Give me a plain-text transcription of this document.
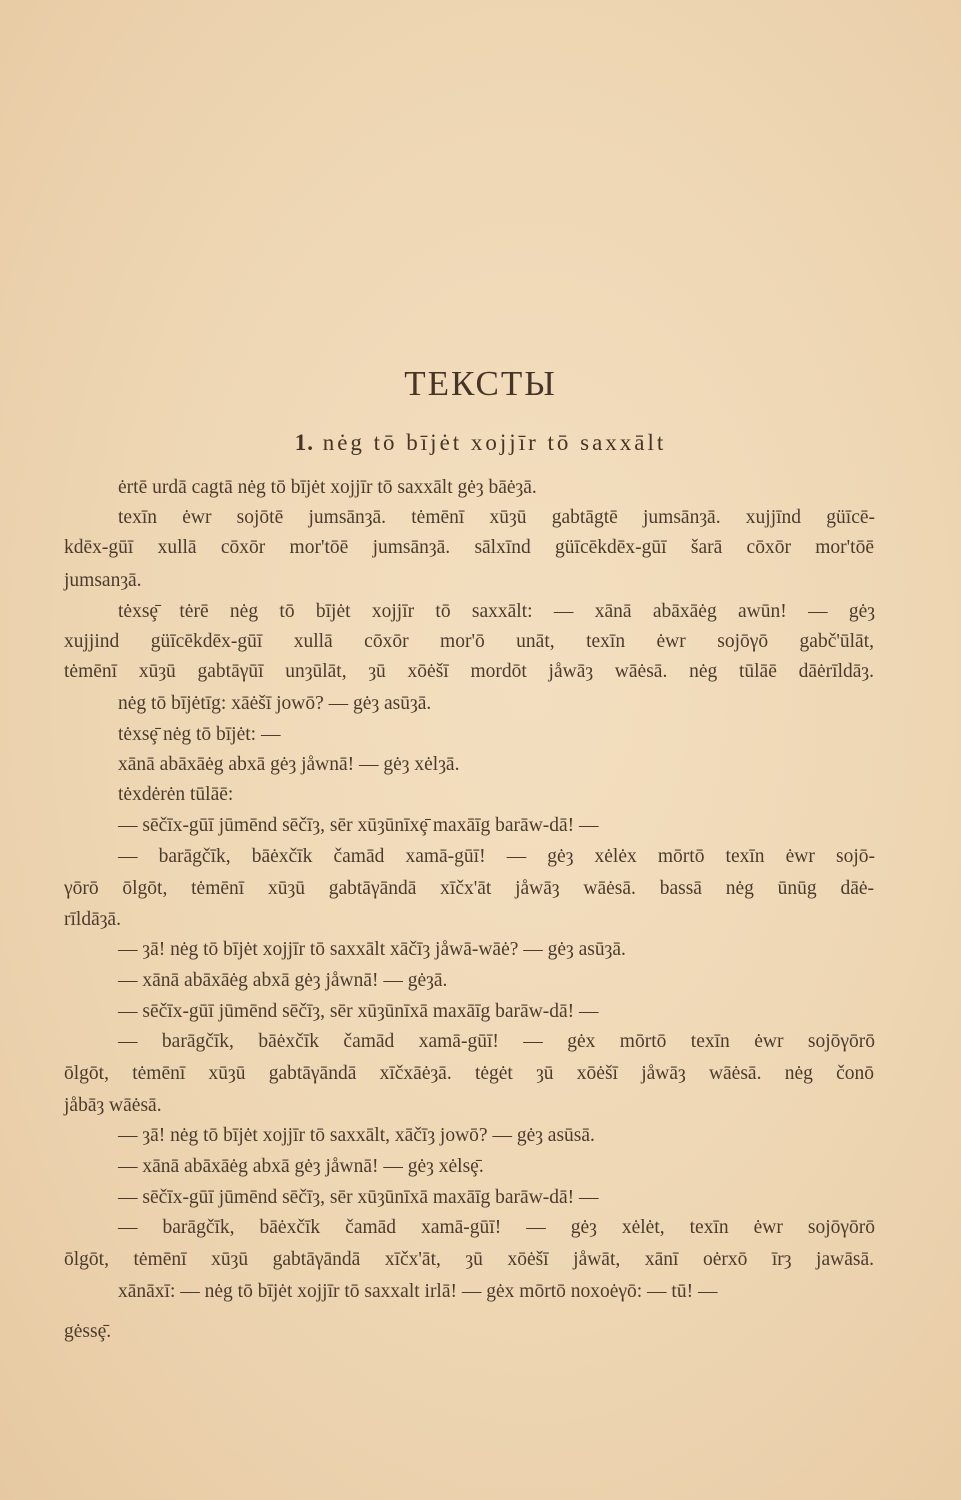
ТЕКСТЫ
1. nėg tō bījėt xojjīr tō saxxālt
ėrtē urdā cagtā nėg tō bījėt xojjīr tō saxxālt gėȝ bāėȝā.
texīn ėwr sojōtē jumsānȝā. tėmēnī xūȝū gabtāgtē jumsānȝā. xujjīnd güīcē-
kdēx-gūī xullā cōxōr mor'tōē jumsānȝā. sālxīnd güīcēkdēx-gūī šarā cōxōr mor'tōē
jumsanȝā.
tėxsȩ̄ tėrē nėg tō bījėt xojjīr tō saxxālt: — xānā abāxāėg awūn! — gėȝ
xujjind güīcēkdēx-gūī xullā cōxōr mor'ō unāt, texīn ėwr sojōγō gabč'ūlāt,
tėmēnī xūȝū gabtāγūī unȝūlāt, ȝū xōėšī mordōt jåwāȝ wāėsā. nėg tūlāē dāėrīldāȝ.
nėg tō bījėtīg: xāėšī jowō? — gėȝ asūȝā.
tėxsȩ̄ nėg tō bījėt: —
xānā abāxāėg abxā gėȝ jåwnā! — gėȝ xėlȝā.
tėxdėrėn tūlāē:
— sēčīx-gūī jūmēnd sēčīȝ, sēr xūȝūnīxȩ̄ maxāīg barāw-dā! —
— barāgčīk, bāėxčīk čamād xamā-gūī! — gėȝ xėlėx mōrtō texīn ėwr sojō-
γōrō ōlgōt, tėmēnī xūȝū gabtāγāndā xīčx'āt jåwāȝ wāėsā. bassā nėg ūnūg dāė-
rīldāȝā.
— ȝā! nėg tō bījėt xojjīr tō saxxālt xāčīȝ jåwā-wāė? — gėȝ asūȝā.
— xānā abāxāėg abxā gėȝ jåwnā! — gėȝā.
— sēčīx-gūī jūmēnd sēčīȝ, sēr xūȝūnīxā maxāīg barāw-dā! —
— barāgčīk, bāėxčīk čamād xamā-gūī! — gėx mōrtō texīn ėwr sojōγōrō
ōlgōt, tėmēnī xūȝū gabtāγāndā xīčxāėȝā. tėgėt ȝū xōėšī jåwāȝ wāėsā. nėg čonō
jåbāȝ wāėsā.
— ȝā! nėg tō bījėt xojjīr tō saxxālt, xāčīȝ jowō? — gėȝ asūsā.
— xānā abāxāėg abxā gėȝ jåwnā! — gėȝ xėlsȩ̄.
— sēčīx-gūī jūmēnd sēčīȝ, sēr xūȝūnīxā maxāīg barāw-dā! —
— barāgčīk, bāėxčīk čamād xamā-gūī! — gėȝ xėlėt, texīn ėwr sojōγōrō
ōlgōt, tėmēnī xūȝū gabtāγāndā xīčx'āt, ȝū xōėšī jåwāt, xānī oėrxō īrȝ jawāsā.
xānāxī: — nėg tō bījėt xojjīr tō saxxalt irlā! — gėx mōrtō noxoėγō: — tū! —
gėssȩ̄.
